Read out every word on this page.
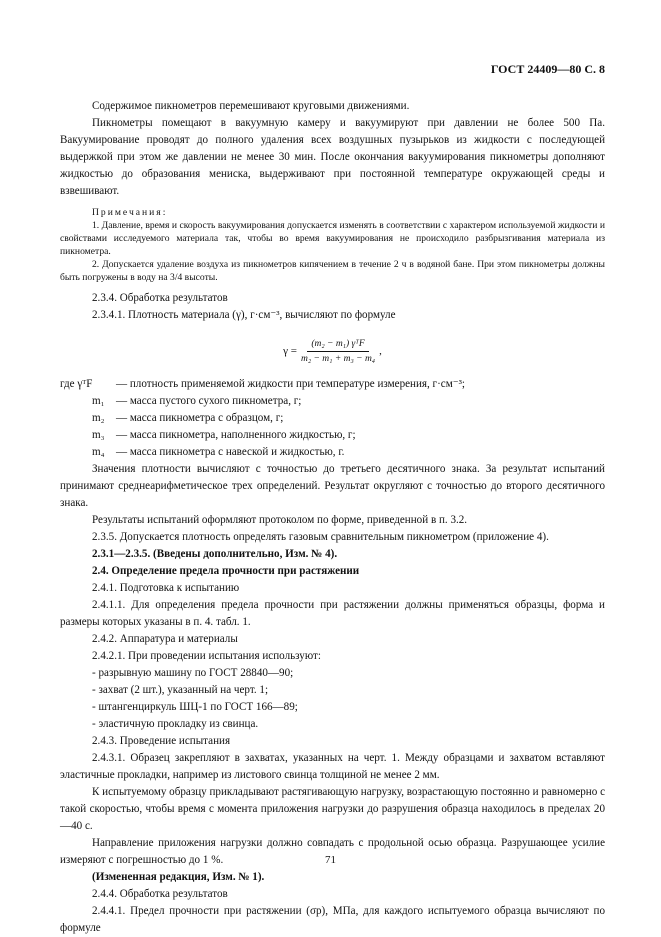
ГОСТ 24409—80 С. 8

Содержимое пикнометров перемешивают круговыми движениями.

Пикнометры помещают в вакуумную камеру и вакуумируют при давлении не более 500 Па. Вакуумирование проводят до полного удаления всех воздушных пузырьков из жидкости с последующей выдержкой при этом же давлении не менее 30 мин. После окончания вакуумирования пикнометры дополняют жидкостью до образования мениска, выдерживают при постоянной температуре окружающей среды и взвешивают.

Примечания:

1. Давление, время и скорость вакуумирования допускается изменять в соответствии с характером используемой жидкости и свойствами исследуемого материала так, чтобы во время вакуумирования не происходило разбрызгивания материала из пикнометра.

2. Допускается удаление воздуха из пикнометров кипячением в течение 2 ч в водяной бане. При этом пикнометры должны быть погружены в воду на 3/4 высоты.

2.3.4. Обработка результатов

2.3.4.1. Плотность материала (γ), г·см⁻³, вычисляют по формуле

$\gamma = \frac{\text{(m₂ − m₁) γᵀF}}{\text{m₂ − m₁ + m₃ − m₄}}$ ,
где γᵀF	— плотность применяемой жидкости при температуре измерения, г·см⁻³;
m₁	— масса пустого сухого пикнометра, г;
m₂	— масса пикнометра с образцом, г;
m₃	— масса пикнометра, наполненного жидкостью, г;
m₄	— масса пикнометра с навеской и жидкостью, г.

Значения плотности вычисляют с точностью до третьего десятичного знака. За результат испытаний принимают среднеарифметическое трех определений. Результат округляют с точностью до второго десятичного знака.

Результаты испытаний оформляют протоколом по форме, приведенной в п. 3.2.

2.3.5. Допускается плотность определять газовым сравнительным пикнометром (приложение 4).

2.3.1—2.3.5. (Введены дополнительно, Изм. № 4).

2.4. Определение предела прочности при растяжении

2.4.1. Подготовка к испытанию

2.4.1.1. Для определения предела прочности при растяжении должны применяться образцы, форма и размеры которых указаны в п. 4. табл. 1.

2.4.2. Аппаратура и материалы

2.4.2.1. При проведении испытания используют:

- разрывную машину по ГОСТ 28840—90;

- захват (2 шт.), указанный на черт. 1;

- штангенциркуль ШЦ-1 по ГОСТ 166—89;

- эластичную прокладку из свинца.

2.4.3. Проведение испытания

2.4.3.1. Образец закрепляют в захватах, указанных на черт. 1. Между образцами и захватом вставляют эластичные прокладки, например из листового свинца толщиной не менее 2 мм.

К испытуемому образцу прикладывают растягивающую нагрузку, возрастающую постоянно и равномерно с такой скоростью, чтобы время с момента приложения нагрузки до разрушения образца находилось в пределах 20—40 с.

Направление приложения нагрузки должно совпадать с продольной осью образца. Разрушающее усилие измеряют с погрешностью до 1 %.

(Измененная редакция, Изм. № 1).

2.4.4. Обработка результатов

2.4.4.1. Предел прочности при растяжении (σр), МПа, для каждого испытуемого образца вычисляют по формуле

71
